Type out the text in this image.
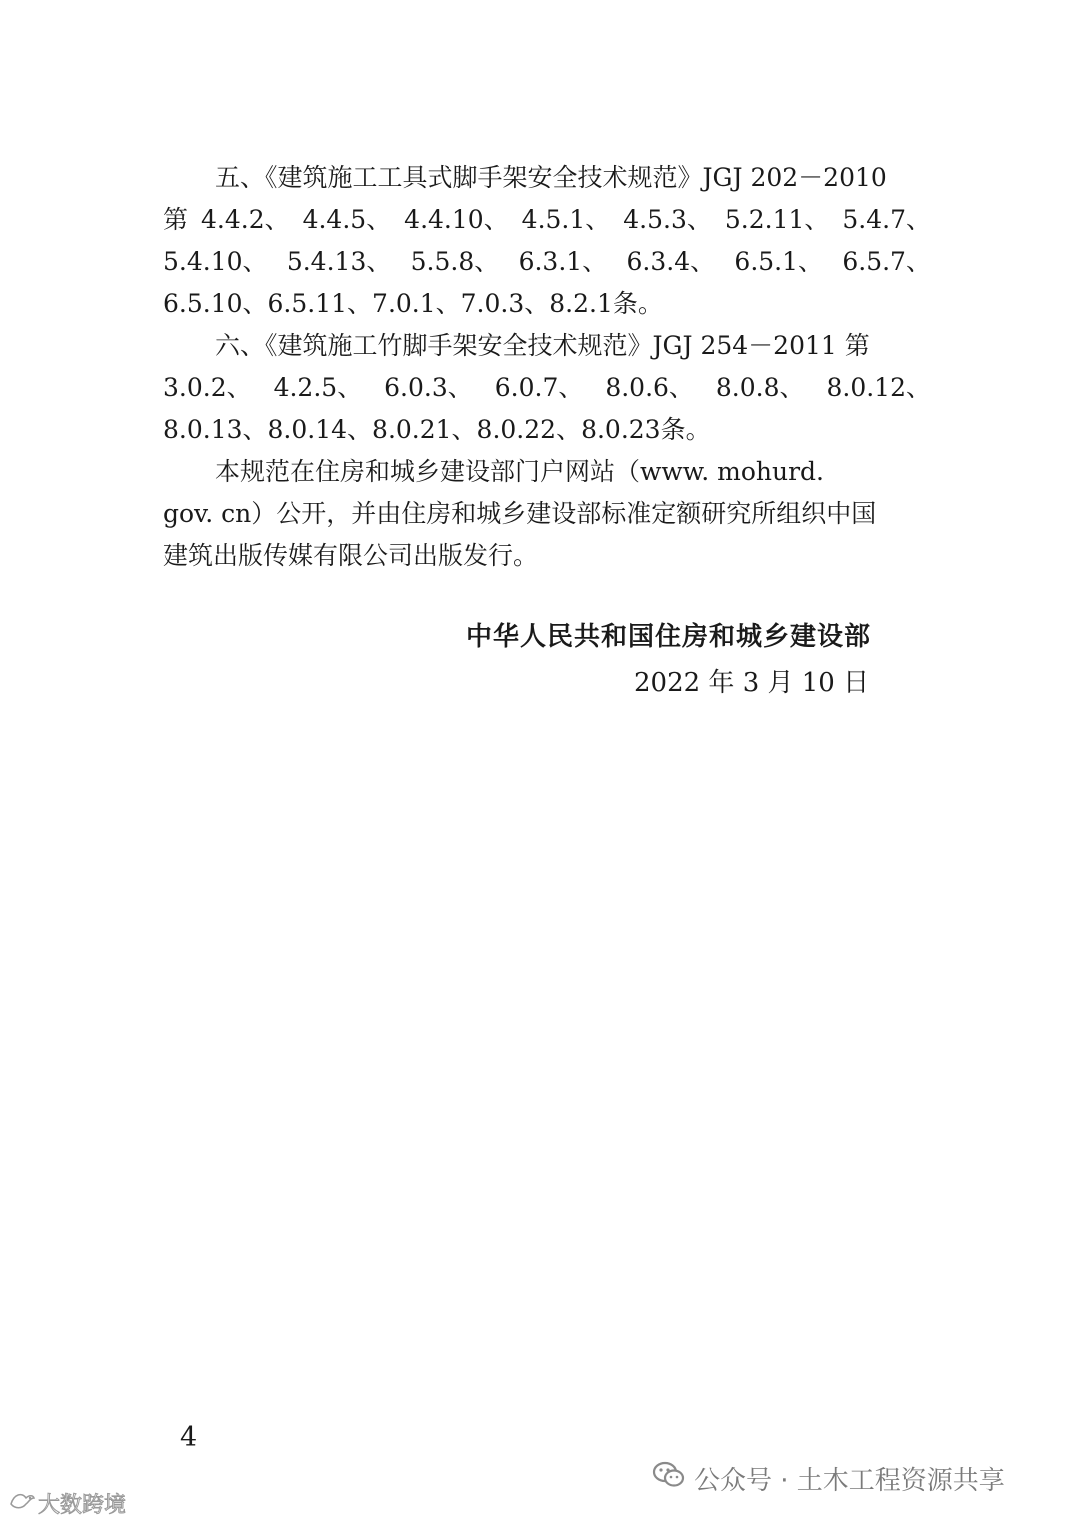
五、《建筑施工工具式脚手架安全技术规范》JGJ 202－2010
第 4.4.2、 4.4.5、 4.4.10、 4.5.1、 4.5.3、 5.2.11、 5.4.7、
5.4.10、 5.4.13、 5.5.8、 6.3.1、 6.3.4、 6.5.1、 6.5.7、
6.5.10、6.5.11、7.0.1、7.0.3、8.2.1条。
六、《建筑施工竹脚手架安全技术规范》JGJ 254－2011 第
3.0.2、 4.2.5、 6.0.3、 6.0.7、 8.0.6、 8.0.8、 8.0.12、
8.0.13、8.0.14、8.0.21、8.0.22、8.0.23条。
本规范在住房和城乡建设部门户网站（www. mohurd.
gov. cn）公开，并由住房和城乡建设部标准定额研究所组织中国
建筑出版传媒有限公司出版发行。
中华人民共和国住房和城乡建设部
2022 年 3 月 10 日
4
公众号 · 土木工程资源共享
大数跨境
